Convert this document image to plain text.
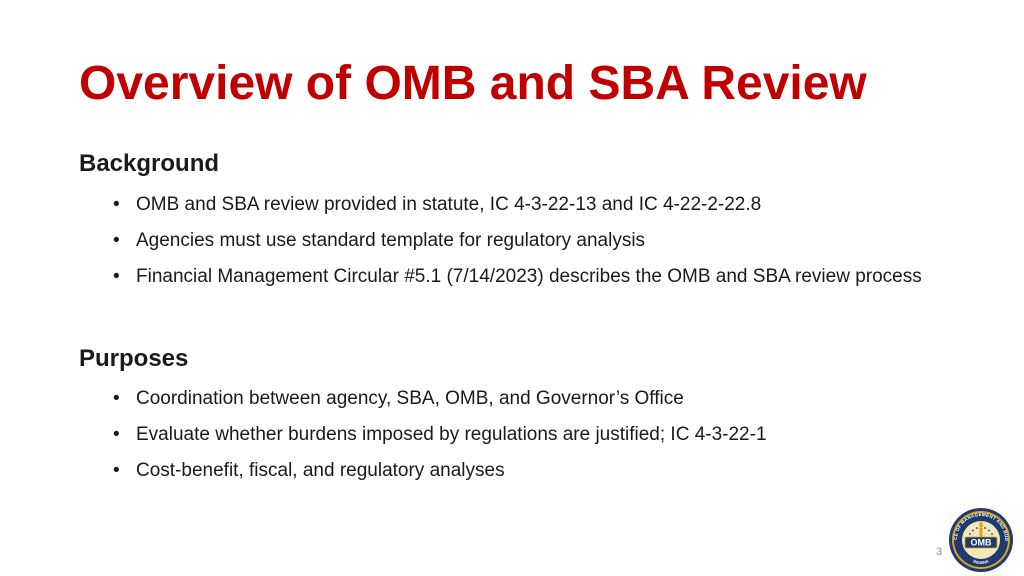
Overview of OMB and SBA Review
Background
• OMB and SBA review provided in statute, IC 4-3-22-13 and IC 4-22-2-22.8
• Agencies must use standard template for regulatory analysis
• Financial Management Circular #5.1 (7/14/2023) describes the OMB and SBA review process
Purposes
• Coordination between agency, SBA, OMB, and Governor’s Office
• Evaluate whether burdens imposed by regulations are justified; IC 4-3-22-1
• Cost-benefit, fiscal, and regulatory analyses
3
CE OF MANAGEMENT AND BUD
OMB
INDIANA
